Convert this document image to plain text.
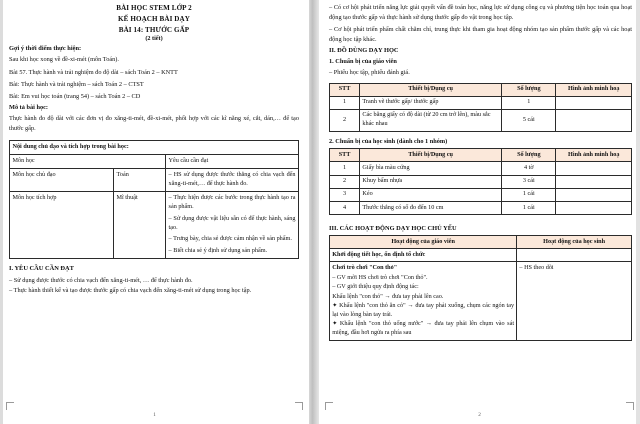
BÀI HỌC STEM LỚP 2
KẾ HOẠCH BÀI DẠY
BÀI 14: THƯỚC GẤP
(2 tiết)
Gợi ý thời điểm thực hiện:
Sau khi học xong về đề-xi-mét (môn Toán).
Bài 57. Thực hành và trải nghiệm đo độ dài – sách Toán 2 – KNTT
Bài: Thực hành và trải nghiệm – sách Toán 2 – CTST
Bài: Em vui học toán (trang 54) – sách Toán 2 – CD
Mô tả bài học:
Thực hành đo độ dài với các đơn vị đo xăng-ti-mét, đề-xi-mét, phối hợp với các kĩ năng xé, cắt, dán,… để tạo thước gấp.
Nội dung chủ đạo và tích hợp trong bài học:		
Môn học		Yêu cầu cần đạt
Môn học chủ đạo	Toán	– HS sử dụng được thước thẳng có chia vạch đến xăng-ti-mét,… để thực hành đo.

Môn học tích hợp	Mĩ thuật	– Thực hiện được các bước trong thực hành tạo ra sản phẩm.

– Sử dụng được vật liệu sẵn có để thực hành, sáng tạo.

– Trưng bày, chia sẻ được cảm nhận về sản phẩm.

– Biết chia sẻ ý định sử dụng sản phẩm.

I. YÊU CẦU CẦN ĐẠT
– Sử dụng được thước có chia vạch đến xăng-ti-mét, … để thực hành đo.
– Thực hành thiết kế và tạo được thước gấp có chia vạch đến xăng-ti-mét sử dụng trong học tập.
1
– Có cơ hội phát triển năng lực giải quyết vấn đề toán học, năng lực sử dụng công cụ và phương tiện học toán qua hoạt động tạo thước gấp và thực hành sử dụng thước gấp đo vật trong học tập.
– Cơ hội phát triển phẩm chất chăm chỉ, trung thực khi tham gia hoạt động nhóm tạo sản phẩm thước gấp và các hoạt động học tập khác.
II. ĐỒ DÙNG DẠY HỌC
1. Chuẩn bị của giáo viên
– Phiếu học tập, phiếu đánh giá.
STT	Thiết bị/Dụng cụ	Số lượng	Hình ảnh minh hoạ
1	Tranh vẽ thước gấp/ thước gấp	1	
2	Các băng giấy có độ dài (từ 20 cm trở lên), màu sắc khác nhau	5 cái	
2. Chuẩn bị của học sinh (dành cho 1 nhóm)
STT	Thiết bị/Dụng cụ	Số lượng	Hình ảnh minh hoạ
1	Giấy bìa màu cứng	4 tờ	
2	Khuy bấm nhựa	3 cái	
3	Kéo	1 cái	
4	Thước thẳng có số đo đến 10 cm	1 cái	
III. CÁC HOẠT ĐỘNG DẠY HỌC CHỦ YẾU
Hoạt động của giáo viên	Hoạt động của học sinh
Khởi động tiết học, ổn định tổ chức	

Chơi trò chơi "Con thỏ"

– GV mời HS chơi trò chơi "Con thỏ".

– GV giới thiệu quy định động tác:

Khẩu lệnh "con thỏ" → đưa tay phải lên cao.

✦ Khẩu lệnh "con thỏ ăn cỏ" → đưa tay phải xuống, chụm các ngón tay lại vào lòng bàn tay trái.

✦ Khẩu lệnh "con thỏ uống nước" → đưa tay phải lên chụm vào sát miệng, đầu hơi ngửa ra phía sau

	– HS theo dõi
2
